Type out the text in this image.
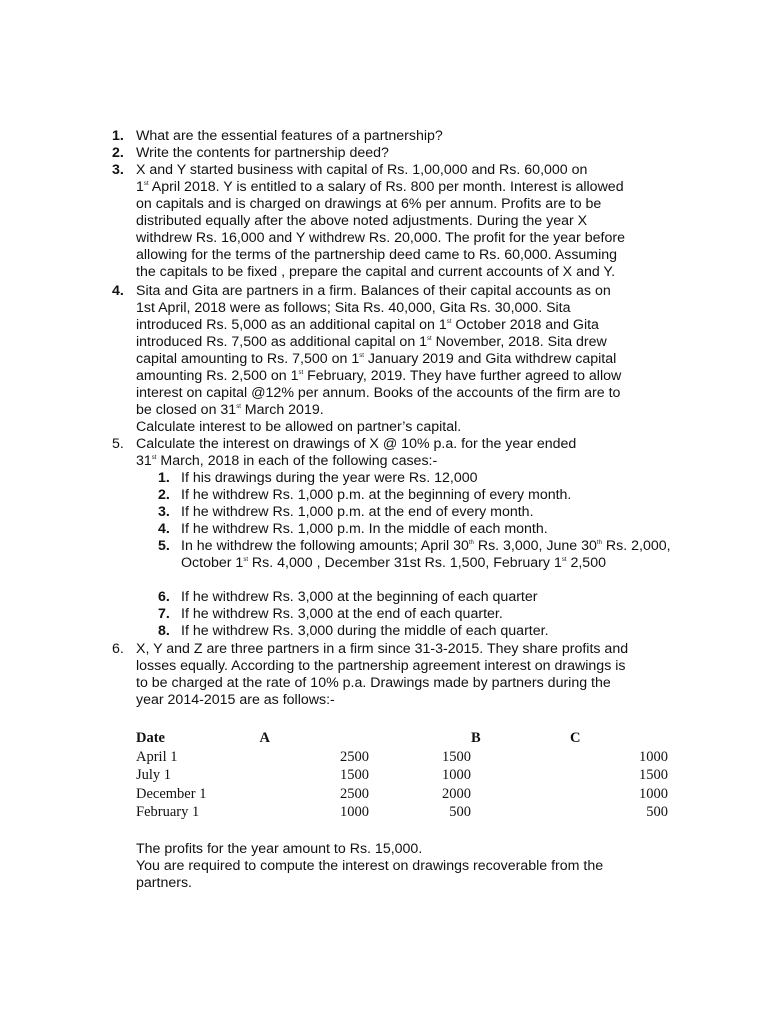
1. What are the essential features of a partnership?
2. Write the contents for partnership deed?
3. X and Y started business with capital of Rs. 1,00,000 and Rs. 60,000 on
1st April 2018. Y is entitled to a salary of Rs. 800 per month. Interest is allowed
on capitals and is charged on drawings at 6% per annum. Profits are to be
distributed equally after the above noted adjustments. During the year X
withdrew Rs. 16,000 and Y withdrew Rs. 20,000. The profit for the year before
allowing for the terms of the partnership deed came to Rs. 60,000. Assuming
the capitals to be fixed , prepare the capital and current accounts of X and Y.
4. Sita and Gita are partners in a firm. Balances of their capital accounts as on
1st April, 2018 were as follows; Sita Rs. 40,000, Gita Rs. 30,000. Sita
introduced Rs. 5,000 as an additional capital on 1st October 2018 and Gita
introduced Rs. 7,500 as additional capital on 1st November, 2018. Sita drew
capital amounting to Rs. 7,500 on 1st January 2019 and Gita withdrew capital
amounting Rs. 2,500 on 1st February, 2019. They have further agreed to allow
interest on capital @12% per annum. Books of the accounts of the firm are to
be closed on 31st March 2019.
Calculate interest to be allowed on partner’s capital.
5. Calculate the interest on drawings of X @ 10% p.a. for the year ended
31st March, 2018 in each of the following cases:-
1. If his drawings during the year were Rs. 12,000
2. If he withdrew Rs. 1,000 p.m. at the beginning of every month.
3. If he withdrew Rs. 1,000 p.m. at the end of every month.
4. If he withdrew Rs. 1,000 p.m. In the middle of each month.
5. In he withdrew the following amounts; April 30th Rs. 3,000, June 30th Rs. 2,000, October 1st Rs. 4,000 , December 31st Rs. 1,500, February 1st 2,500
6. If he withdrew Rs. 3,000 at the beginning of each quarter
7. If he withdrew Rs. 3,000 at the end of each quarter.
8. If he withdrew Rs. 3,000 during the middle of each quarter.
6. X, Y and Z are three partners in a firm since 31-3-2015. They share profits and
losses equally. According to the partnership agreement interest on drawings is
to be charged at the rate of 10% p.a. Drawings made by partners during the
year 2014-2015 are as follows:-
Date	A	B	C
April 1	2500	1500	1000
July 1	1500	1000	1500
December 1	2500	2000	1000
February 1	1000	500	500
The profits for the year amount to Rs. 15,000.
You are required to compute the interest on drawings recoverable from the
partners.
